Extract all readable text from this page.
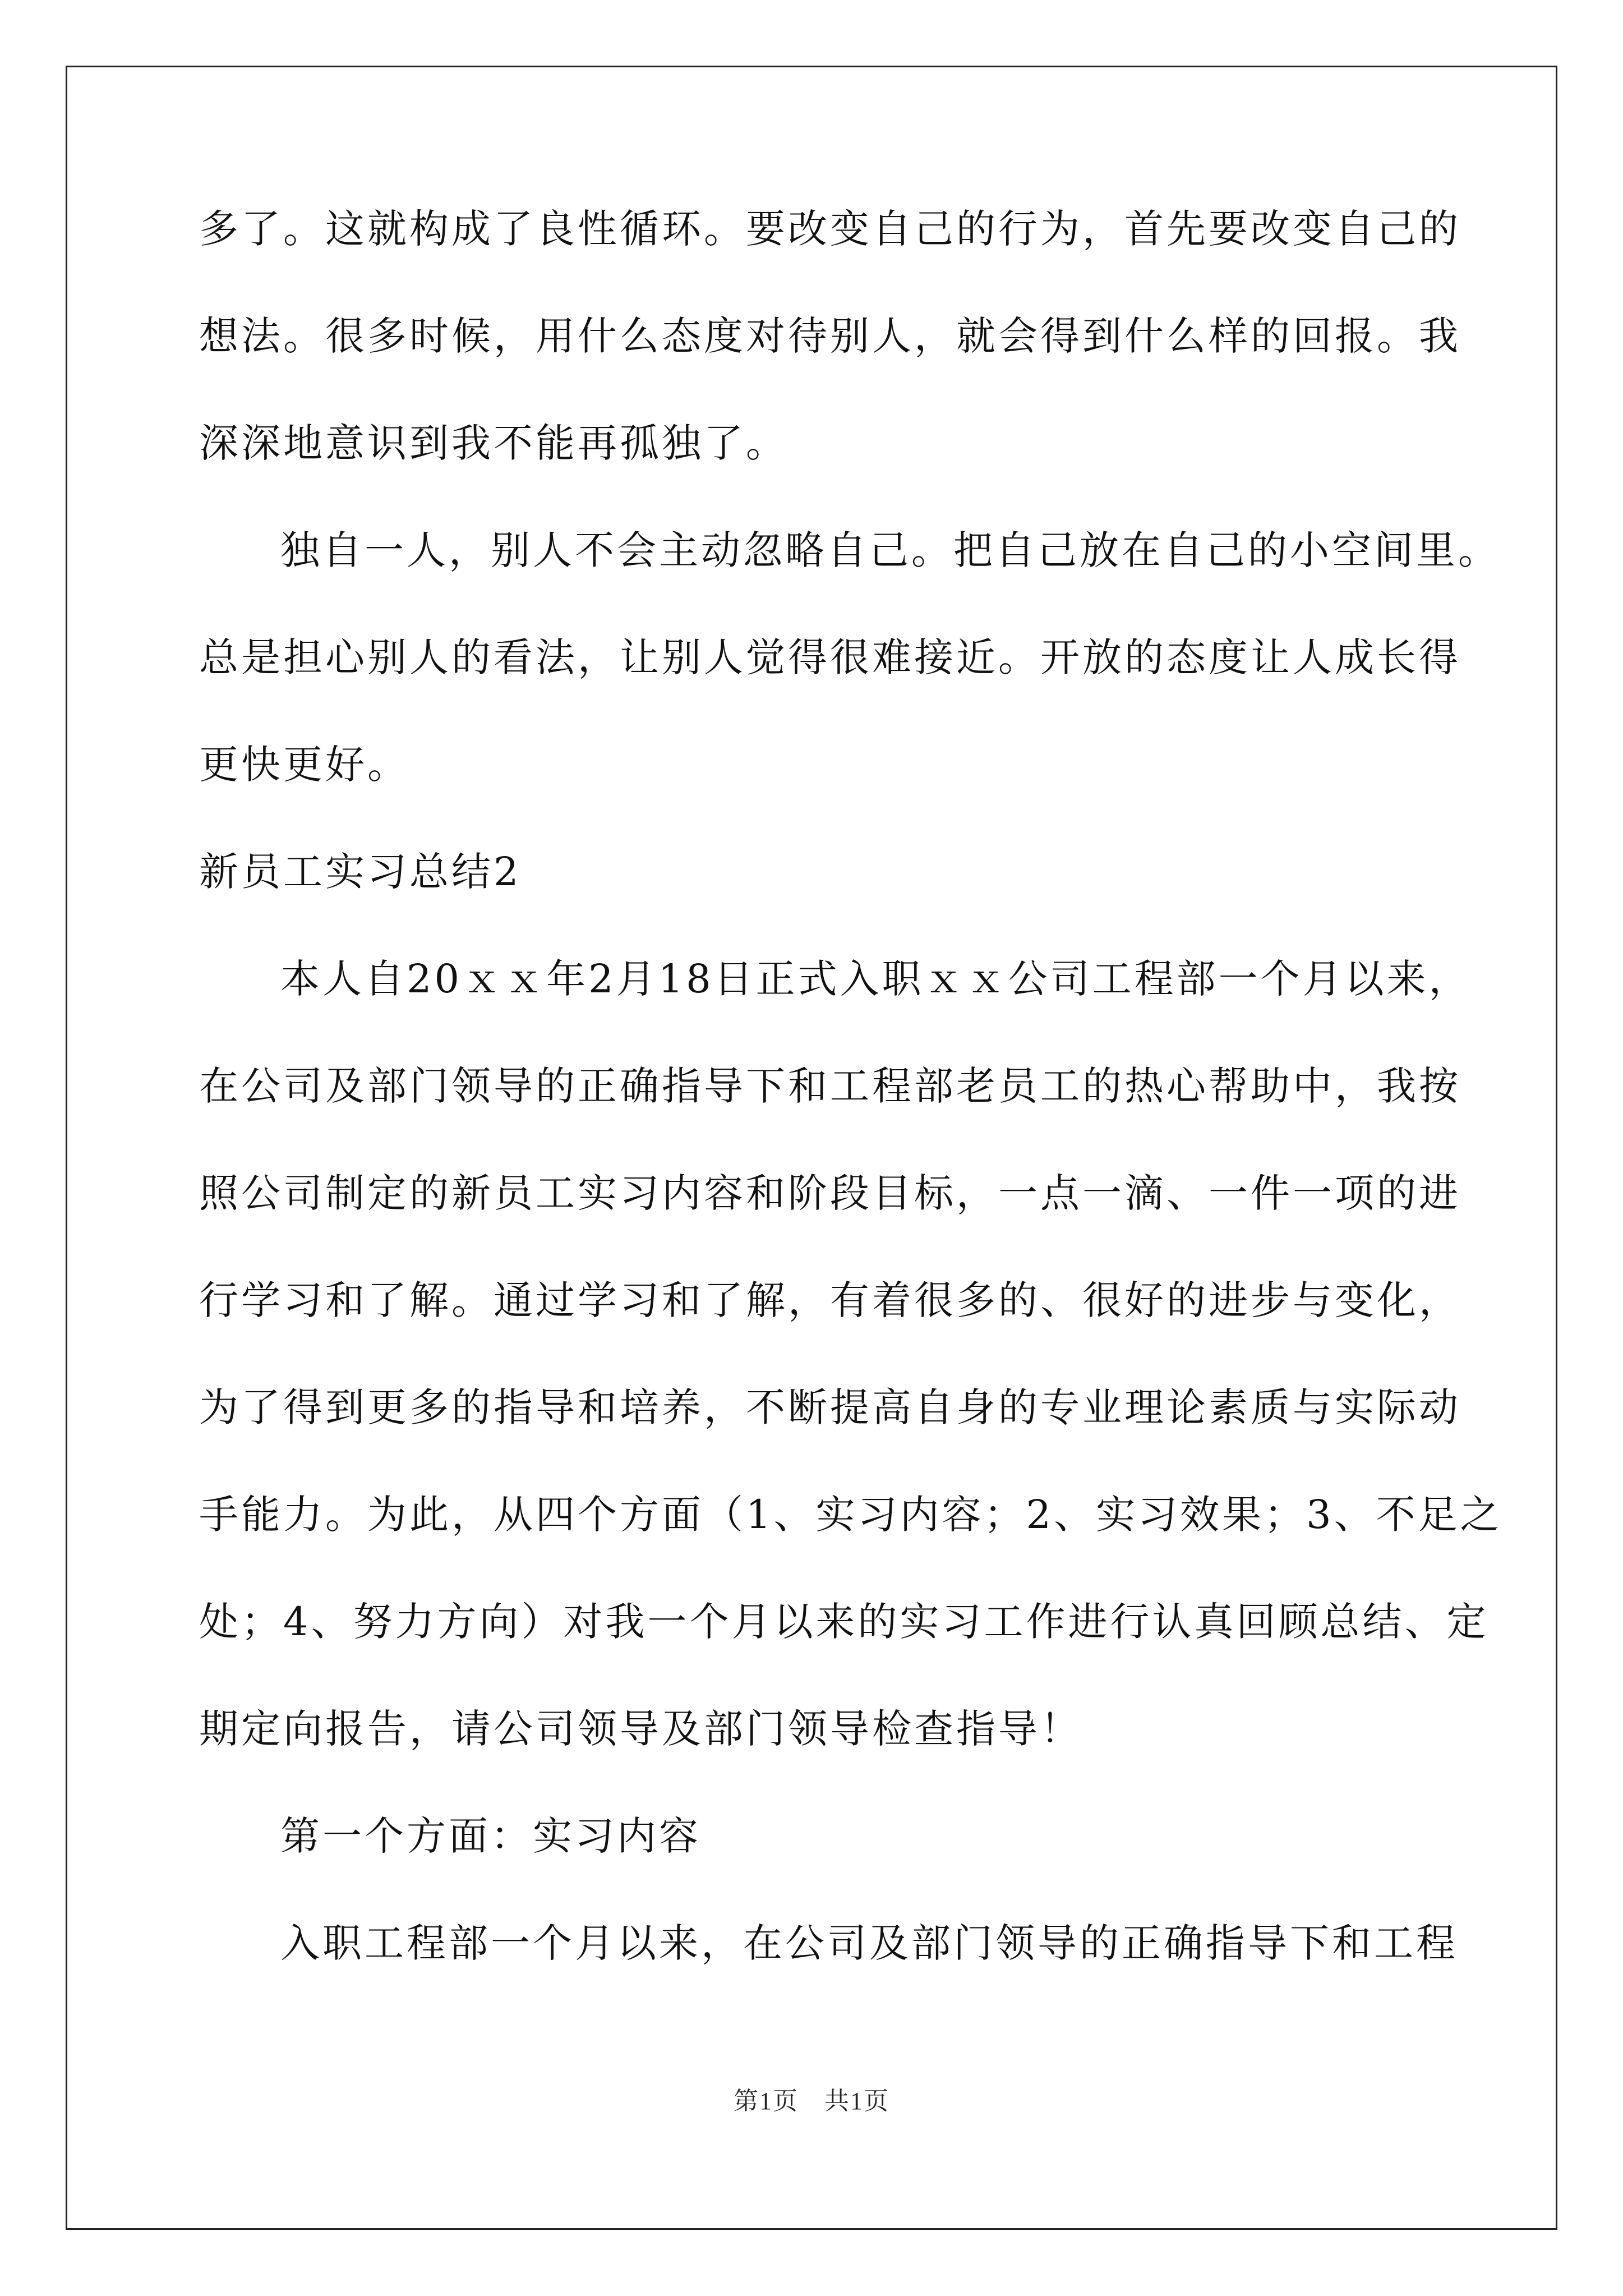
多了。这就构成了良性循环。要改变自己的行为，首先要改变自己的
想法。很多时候，用什么态度对待别人，就会得到什么样的回报。我
深深地意识到我不能再孤独了。
独自一人，别人不会主动忽略自己。把自己放在自己的小空间里。
总是担心别人的看法，让别人觉得很难接近。开放的态度让人成长得
更快更好。
新员工实习总结2
本人自20ｘｘ年2月18日正式入职ｘｘ公司工程部一个月以来，
在公司及部门领导的正确指导下和工程部老员工的热心帮助中，我按
照公司制定的新员工实习内容和阶段目标，一点一滴、一件一项的进
行学习和了解。通过学习和了解，有着很多的、很好的进步与变化，
为了得到更多的指导和培养，不断提高自身的专业理论素质与实际动
手能力。为此，从四个方面（1、实习内容；2、实习效果；3、不足之
处；4、努力方向）对我一个月以来的实习工作进行认真回顾总结、定
期定向报告，请公司领导及部门领导检查指导！
第一个方面：实习内容
入职工程部一个月以来，在公司及部门领导的正确指导下和工程
第1页　共1页
